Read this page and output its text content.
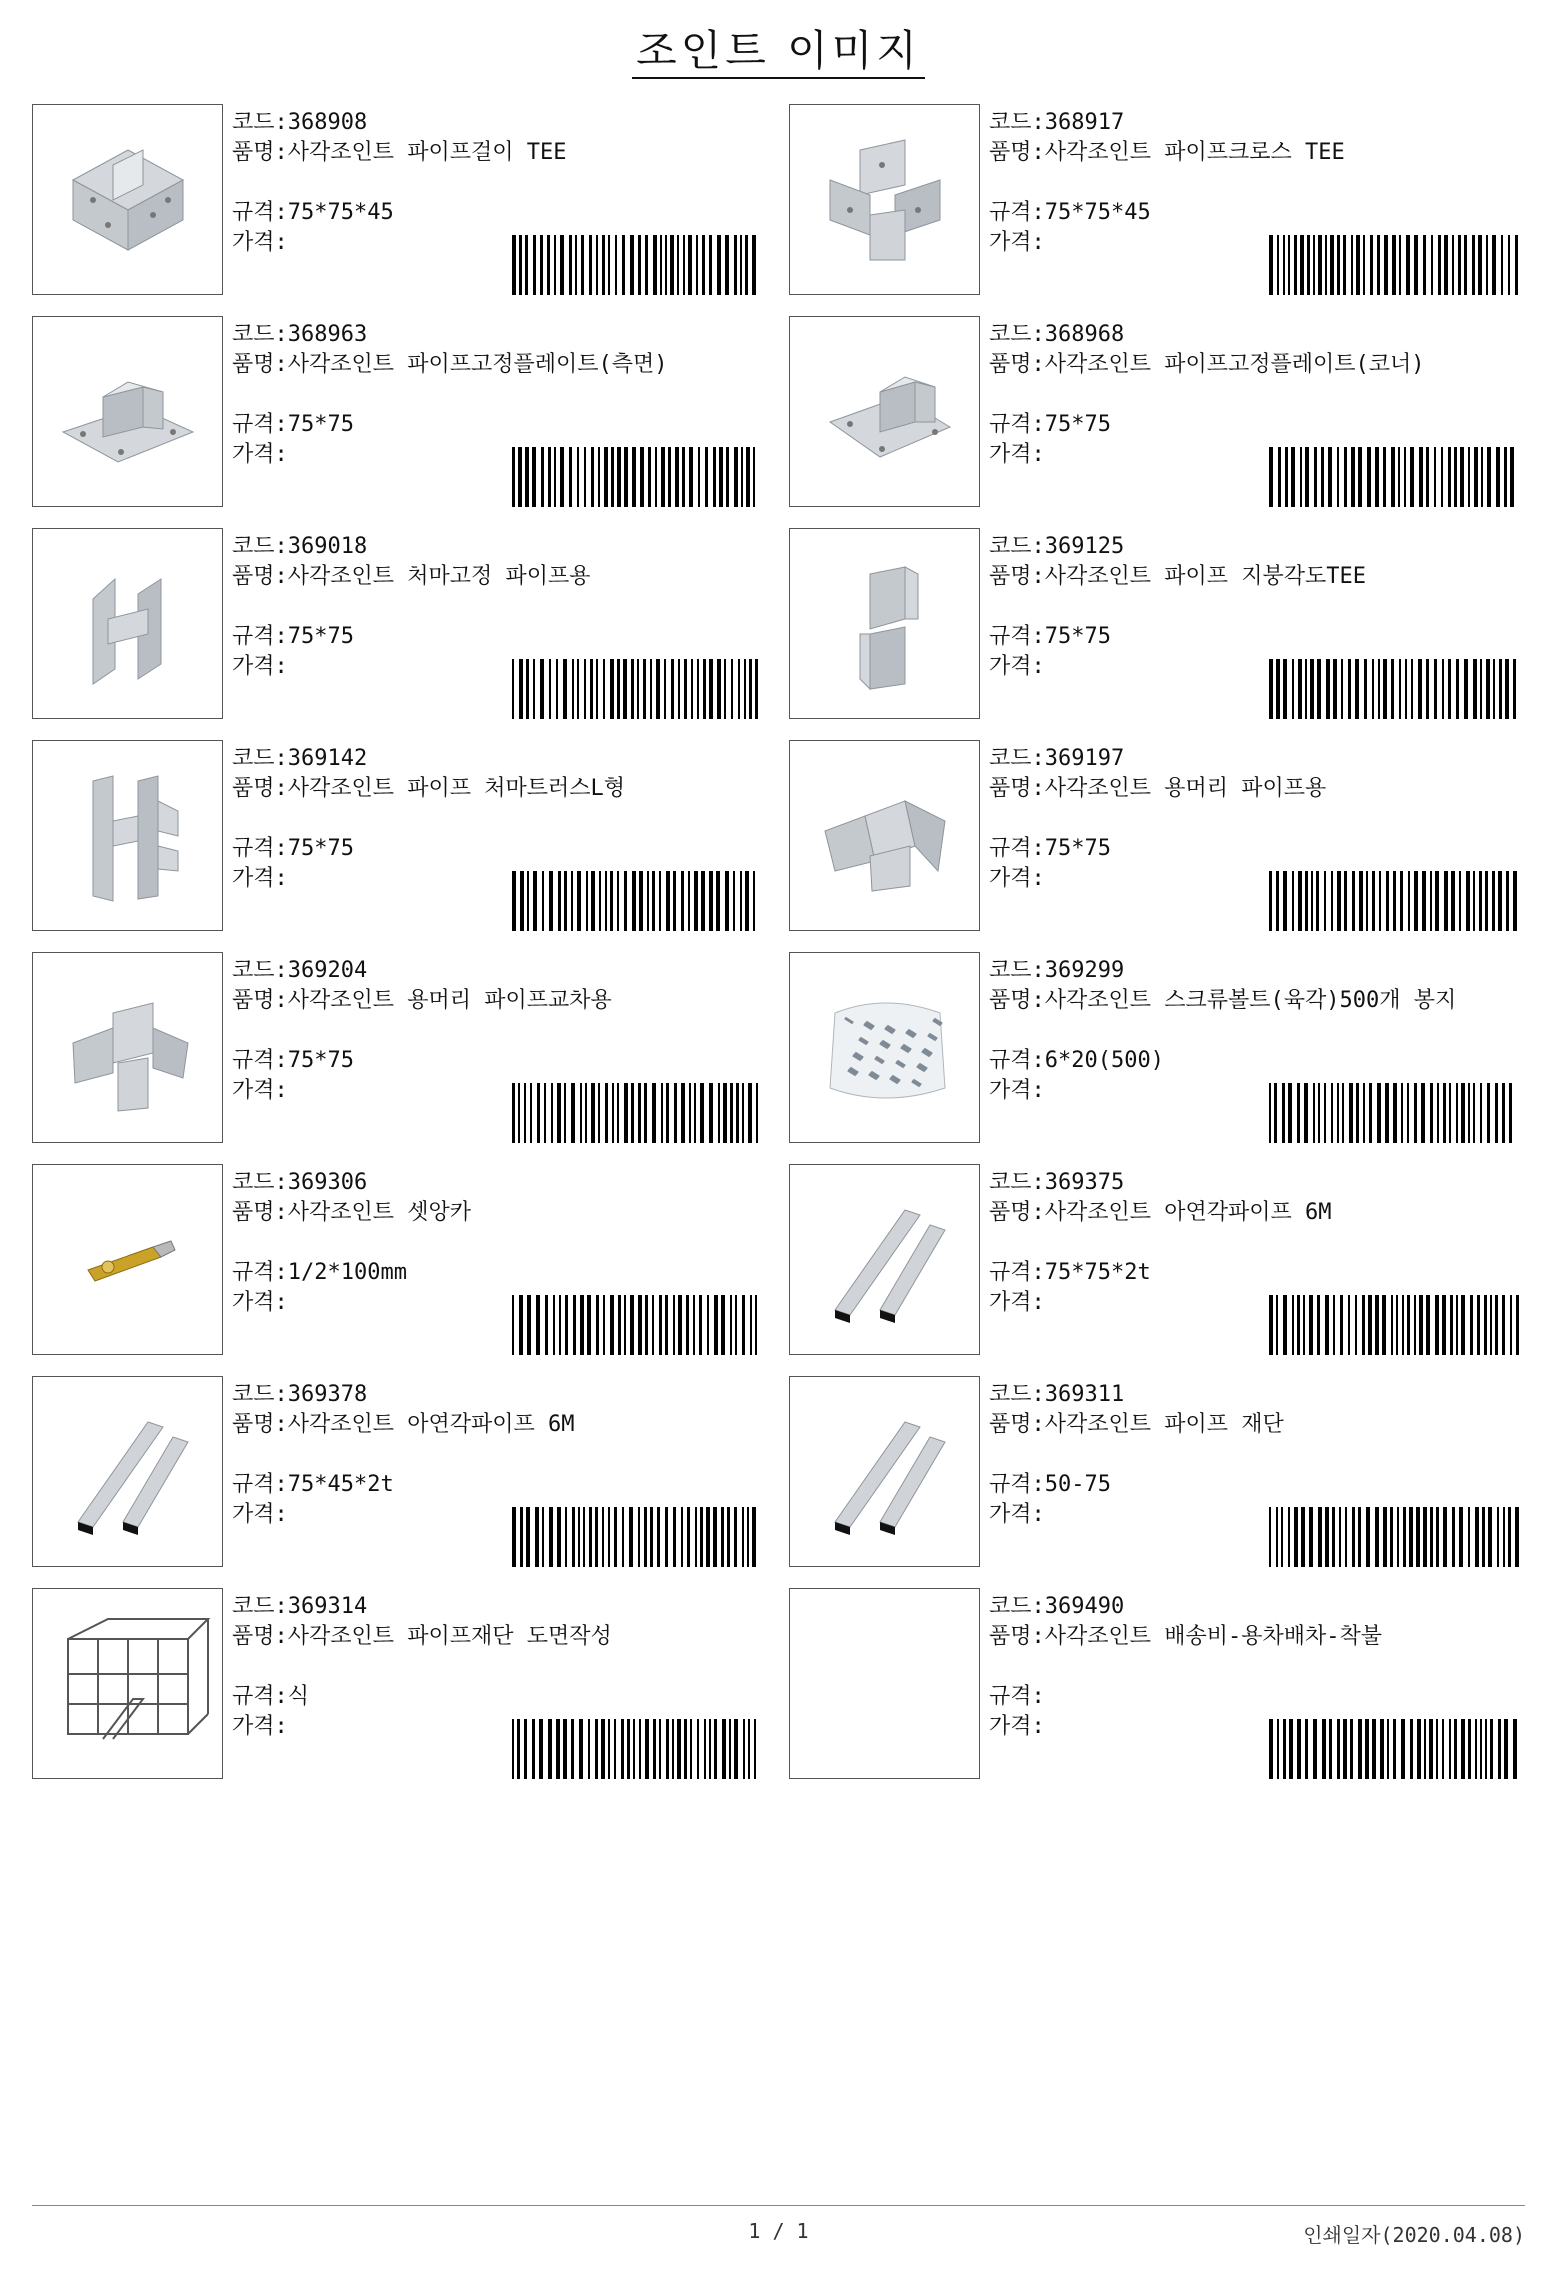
조인트 이미지
코드: 368908
품명: 사각조인트 파이프걸이 TEE
규격: 75*75*45
가격:
코드: 368917
품명: 사각조인트 파이프크로스 TEE
규격: 75*75*45
가격:
코드: 368963
품명: 사각조인트 파이프고정플레이트(측면)
규격: 75*75
가격:
코드: 368968
품명: 사각조인트 파이프고정플레이트(코너)
규격: 75*75
가격:
코드: 369018
품명: 사각조인트 처마고정 파이프용
규격: 75*75
가격:
코드: 369125
품명: 사각조인트 파이프 지붕각도TEE
규격: 75*75
가격:
코드: 369142
품명: 사각조인트 파이프 처마트러스L형
규격: 75*75
가격:
코드: 369197
품명: 사각조인트 용머리 파이프용
규격: 75*75
가격:
코드: 369204
품명: 사각조인트 용머리 파이프교차용
규격: 75*75
가격:
코드: 369299
품명: 사각조인트 스크류볼트(육각)500개 봉지
규격: 6*20(500)
가격:
코드: 369306
품명: 사각조인트 셋앙카
규격: 1/2*100mm
가격:
코드: 369375
품명: 사각조인트 아연각파이프 6M
규격: 75*75*2t
가격:
코드: 369378
품명: 사각조인트 아연각파이프 6M
규격: 75*45*2t
가격:
코드: 369311
품명: 사각조인트 파이프 재단
규격: 50-75
가격:
코드: 369314
품명: 사각조인트 파이프재단 도면작성
규격: 식
가격:
코드: 369490
품명: 사각조인트 배송비-용차배차-착불
규격:
가격:
1 / 1	인쇄일자(2020.04.08)
